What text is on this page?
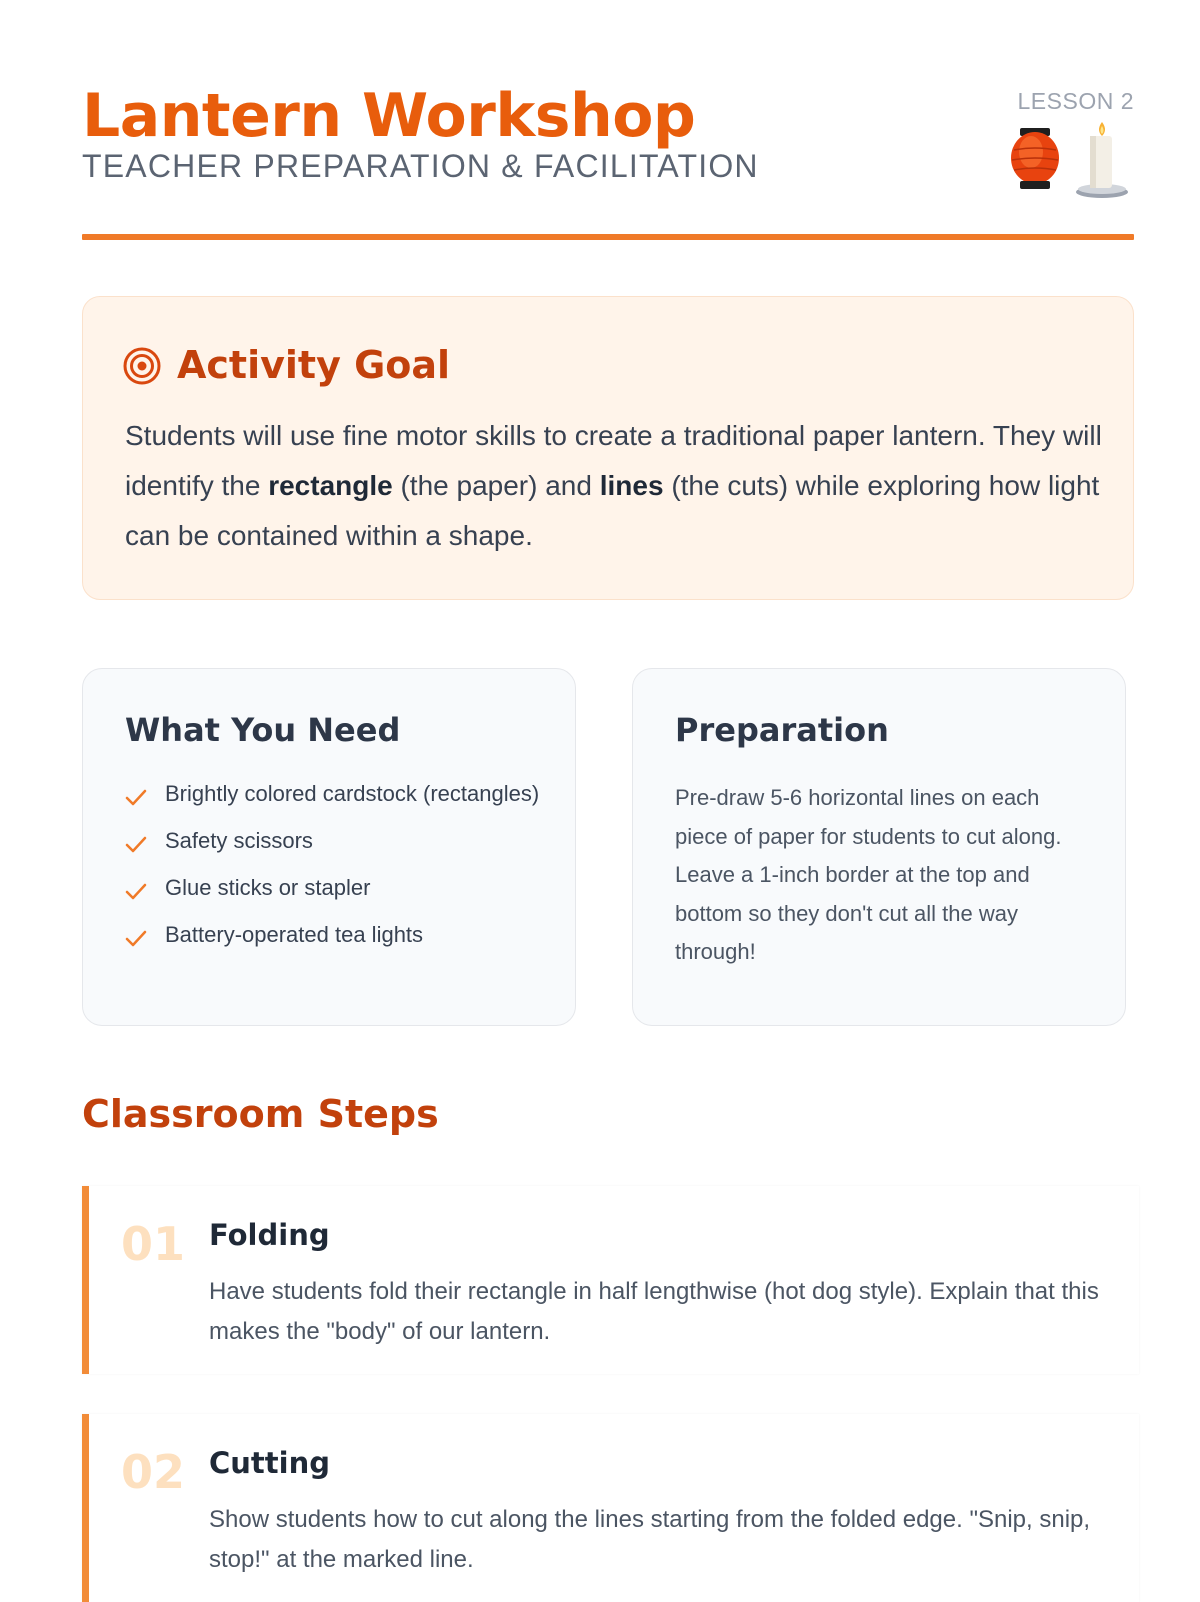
Lantern Workshop
TEACHER PREPARATION & FACILITATION
LESSON 2
Activity Goal
Students will use fine motor skills to create a traditional paper lantern. They will identify the rectangle (the paper) and lines (the cuts) while exploring how light can be contained within a shape.
What You Need
Brightly colored cardstock (rectangles)
Safety scissors
Glue sticks or stapler
Battery-operated tea lights
Preparation
Pre-draw 5-6 horizontal lines on each piece of paper for students to cut along. Leave a 1-inch border at the top and bottom so they don't cut all the way through!
Classroom Steps
01 Folding
Have students fold their rectangle in half lengthwise (hot dog style). Explain that this makes the "body" of our lantern.
02 Cutting
Show students how to cut along the lines starting from the folded edge. "Snip, snip, stop!" at the marked line.
